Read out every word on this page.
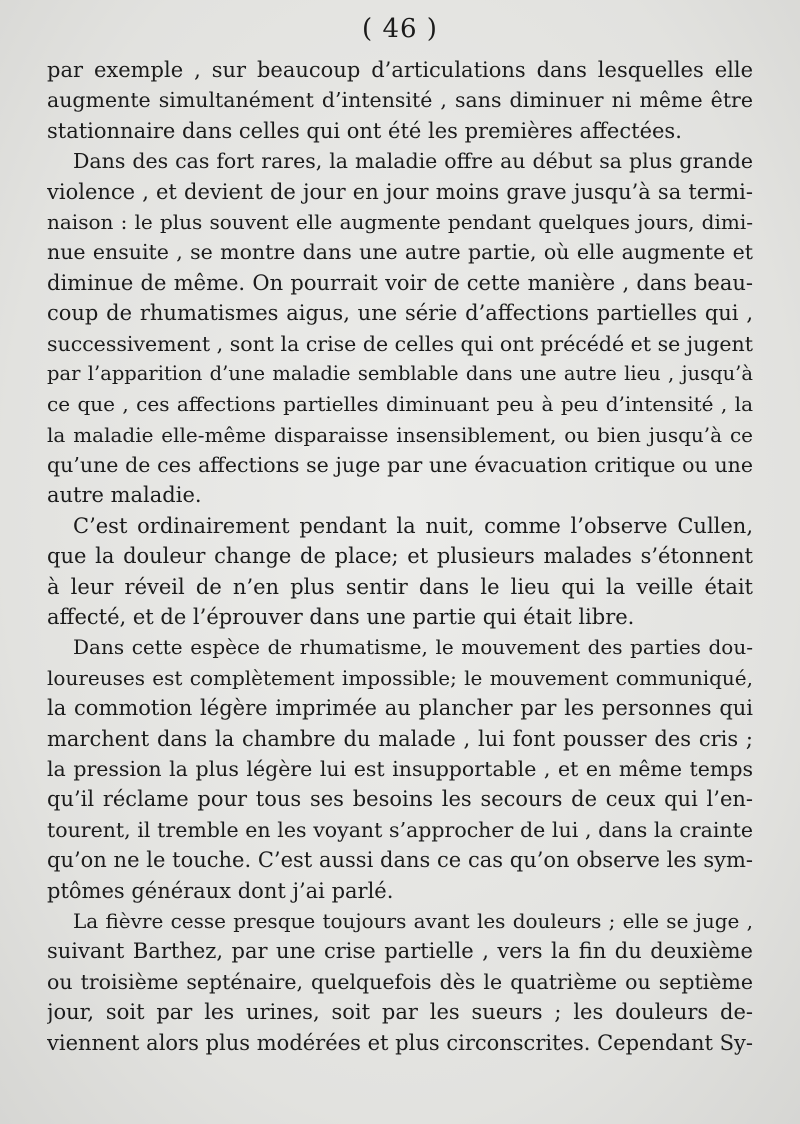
( 46 )
par exemple , sur beaucoup d’articulations dans lesquelles elle
augmente simultanément d’intensité , sans diminuer ni même être
stationnaire dans celles qui ont été les premières affectées.
Dans des cas fort rares, la maladie offre au début sa plus grande
violence , et devient de jour en jour moins grave jusqu’à sa termi-
naison : le plus souvent elle augmente pendant quelques jours, dimi-
nue ensuite , se montre dans une autre partie, où elle augmente et
diminue de même. On pourrait voir de cette manière , dans beau-
coup de rhumatismes aigus, une série d’affections partielles qui ,
successivement , sont la crise de celles qui ont précédé et se jugent
par l’apparition d’une maladie semblable dans une autre lieu , jusqu’à
ce que , ces affections partielles diminuant peu à peu d’intensité , la
la maladie elle-même disparaisse insensiblement, ou bien jusqu’à ce
qu’une de ces affections se juge par une évacuation critique ou une
autre maladie.
C’est ordinairement pendant la nuit, comme l’observe Cullen,
que la douleur change de place; et plusieurs malades s’étonnent
à leur réveil de n’en plus sentir dans le lieu qui la veille était
affecté, et de l’éprouver dans une partie qui était libre.
Dans cette espèce de rhumatisme, le mouvement des parties dou-
loureuses est complètement impossible; le mouvement communiqué,
la commotion légère imprimée au plancher par les personnes qui
marchent dans la chambre du malade , lui font pousser des cris ;
la pression la plus légère lui est insupportable , et en même temps
qu’il réclame pour tous ses besoins les secours de ceux qui l’en-
tourent, il tremble en les voyant s’approcher de lui , dans la crainte
qu’on ne le touche. C’est aussi dans ce cas qu’on observe les sym-
ptômes généraux dont j’ai parlé.
La fièvre cesse presque toujours avant les douleurs ; elle se juge ,
suivant Barthez, par une crise partielle , vers la fin du deuxième
ou troisième septénaire, quelquefois dès le quatrième ou septième
jour, soit par les urines, soit par les sueurs ; les douleurs de-
viennent alors plus modérées et plus circonscrites. Cependant Sy-
